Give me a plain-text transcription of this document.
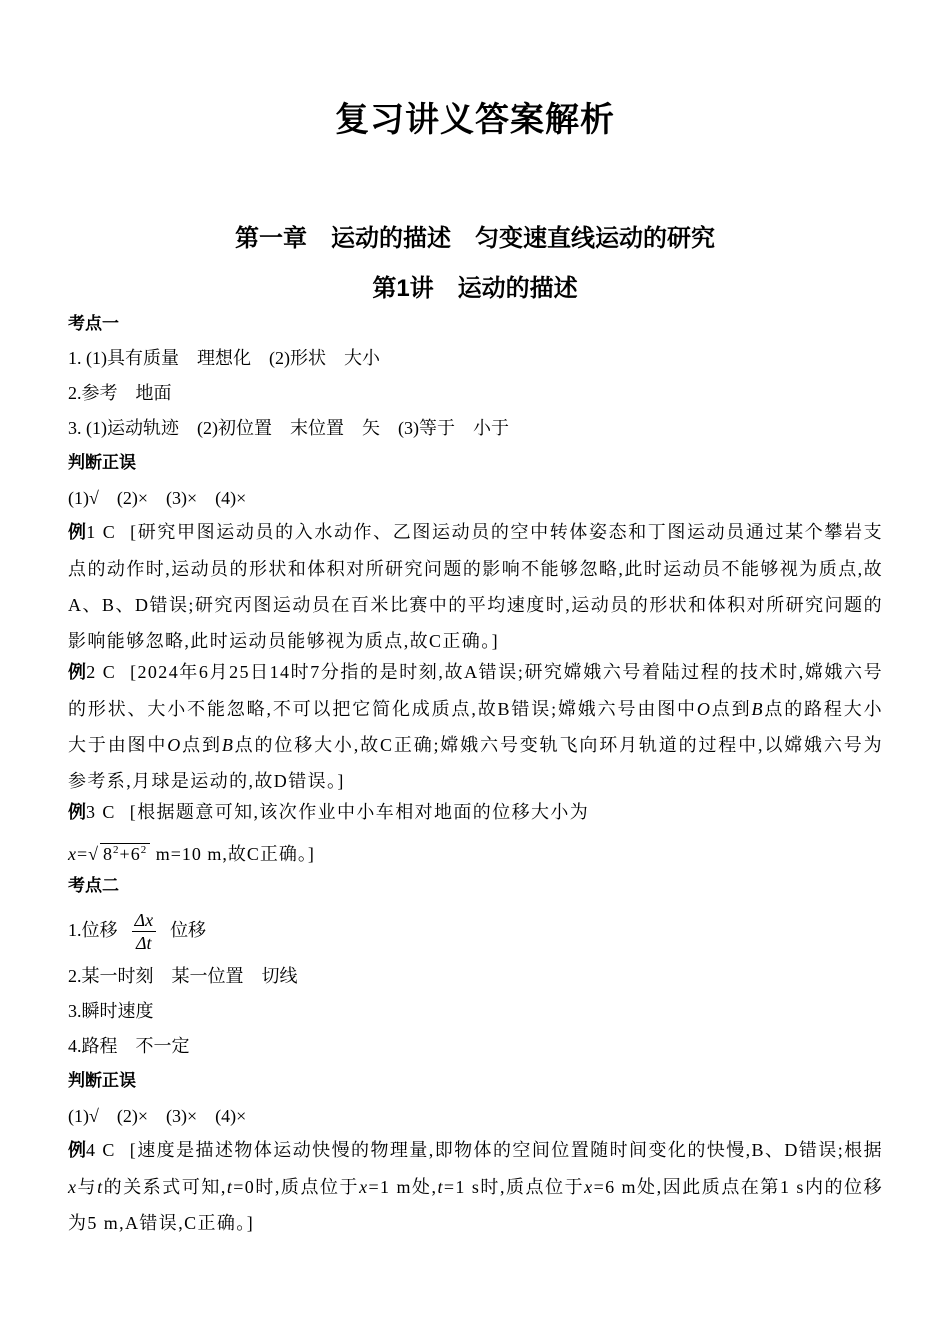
复习讲义答案解析
第一章　运动的描述　匀变速直线运动的研究
第1讲　运动的描述
考点一
1. (1)具有质量　理想化　(2)形状　大小
2.参考　地面
3. (1)运动轨迹　(2)初位置　末位置　矢　(3)等于　小于
判断正误
(1)√　(2)×　(3)×　(4)×
例1 C [研究甲图运动员的入水动作、乙图运动员的空中转体姿态和丁图运动员通过某个攀岩支点的动作时,运动员的形状和体积对所研究问题的影响不能够忽略,此时运动员不能够视为质点,故A、B、D错误;研究丙图运动员在百米比赛中的平均速度时,运动员的形状和体积对所研究问题的影响能够忽略,此时运动员能够视为质点,故C正确。]
例2 C [2024年6月25日14时7分指的是时刻,故A错误;研究嫦娥六号着陆过程的技术时,嫦娥六号的形状、大小不能忽略,不可以把它简化成质点,故B错误;嫦娥六号由图中O点到B点的路程大小大于由图中O点到B点的位移大小,故C正确;嫦娥六号变轨飞向环月轨道的过程中,以嫦娥六号为参考系,月球是运动的,故D错误。]
例3 C [根据题意可知,该次作业中小车相对地面的位移大小为
x=√ $8^2+6^2$ m=10 m,故C正确。]
考点二
1.位移 $\frac{\Delta x}{\Delta t}$ 位移
2.某一时刻　某一位置　切线
3.瞬时速度
4.路程　不一定
判断正误
(1)√　(2)×　(3)×　(4)×
例4 C [速度是描述物体运动快慢的物理量,即物体的空间位置随时间变化的快慢,B、D错误;根据x与t的关系式可知,t=0时,质点位于x=1 m处,t=1 s时,质点位于x=6 m处,因此质点在第1 s内的位移为5 m,A错误,C正确。]
